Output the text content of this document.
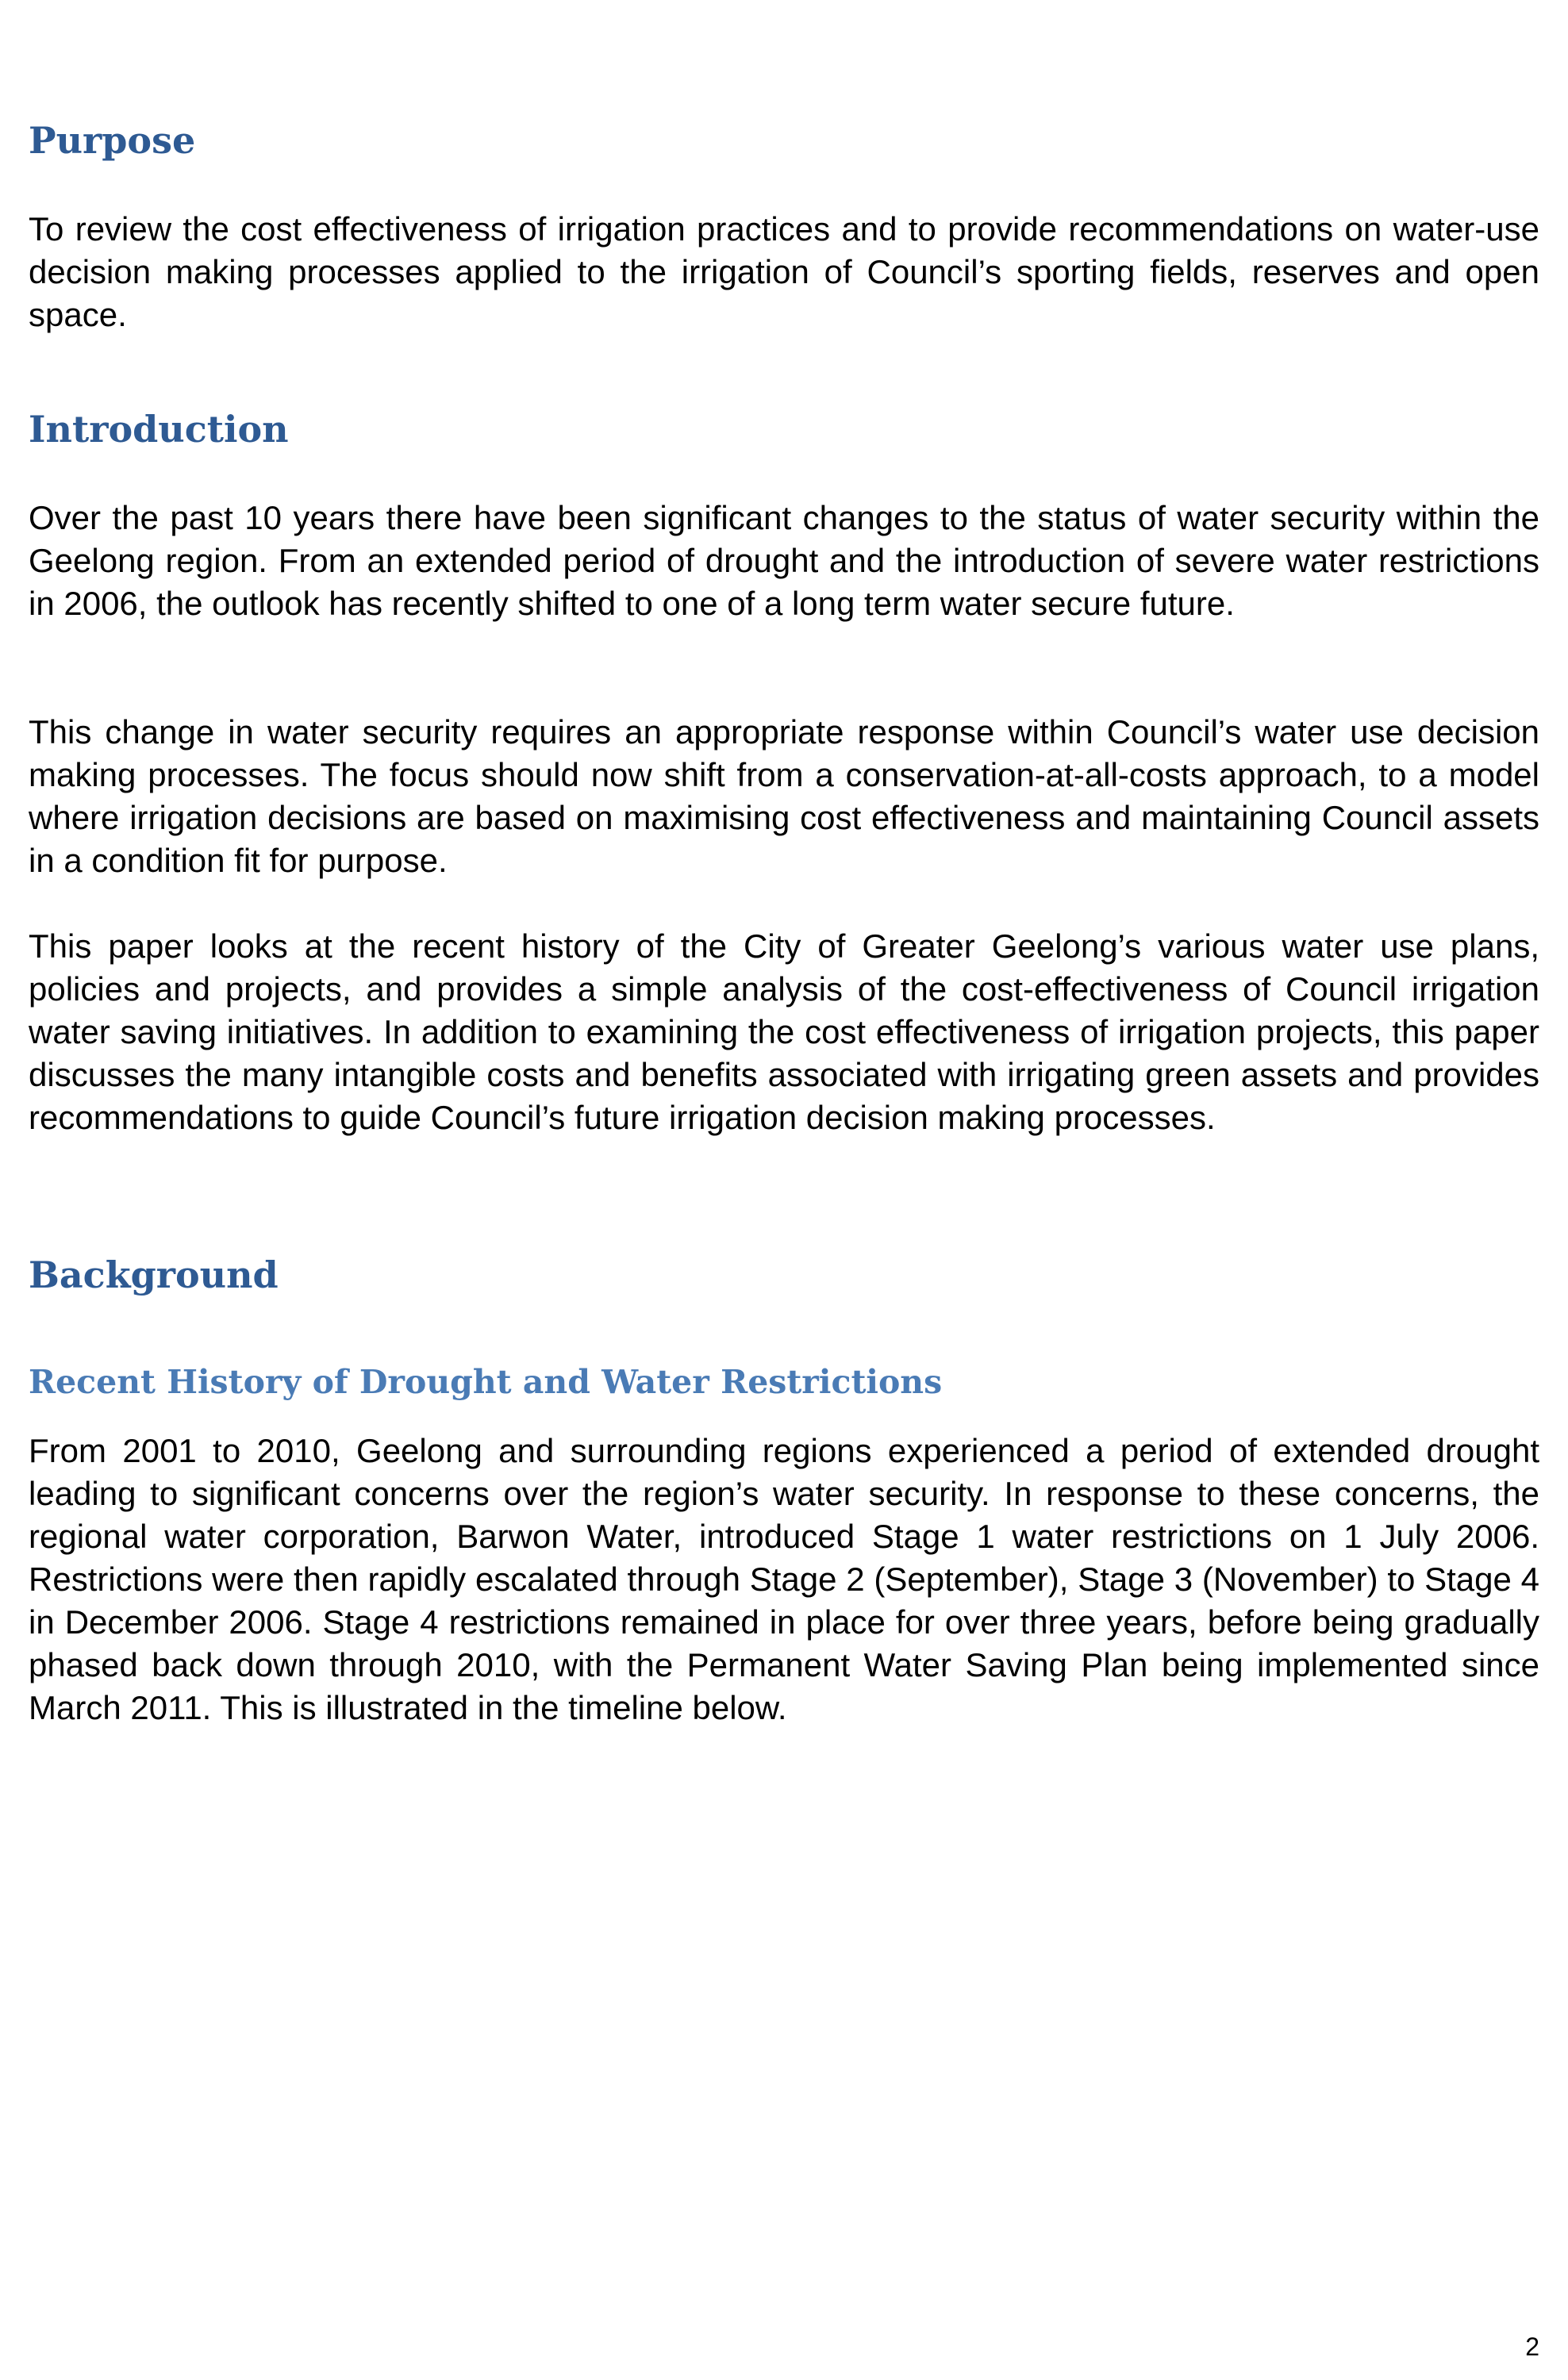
Purpose

To review the cost effectiveness of irrigation practices and to provide recommendations on water-use decision making processes applied to the irrigation of Council’s sporting fields, reserves and open space.

Introduction

Over the past 10 years there have been significant changes to the status of water security within the Geelong region. From an extended period of drought and the introduction of severe water restrictions in 2006, the outlook has recently shifted to one of a long term water secure future.

This change in water security requires an appropriate response within Council’s water use decision making processes. The focus should now shift from a conservation-at-all-costs approach, to a model where irrigation decisions are based on maximising cost effectiveness and maintaining Council assets in a condition fit for purpose.

This paper looks at the recent history of the City of Greater Geelong’s various water use plans, policies and projects, and provides a simple analysis of the cost-effectiveness of Council irrigation water saving initiatives. In addition to examining the cost effectiveness of irrigation projects, this paper discusses the many intangible costs and benefits associated with irrigating green assets and provides recommendations to guide Council’s future irrigation decision making processes.

Background
Recent History of Drought and Water Restrictions

From 2001 to 2010, Geelong and surrounding regions experienced a period of extended drought leading to significant concerns over the region’s water security. In response to these concerns, the regional water corporation, Barwon Water, introduced Stage 1 water restrictions on 1 July 2006. Restrictions were then rapidly escalated through Stage 2 (September), Stage 3 (November) to Stage 4 in December 2006. Stage 4 restrictions remained in place for over three years, before being gradually phased back down through 2010, with the Permanent Water Saving Plan being implemented since March 2011. This is illustrated in the timeline below.

2
